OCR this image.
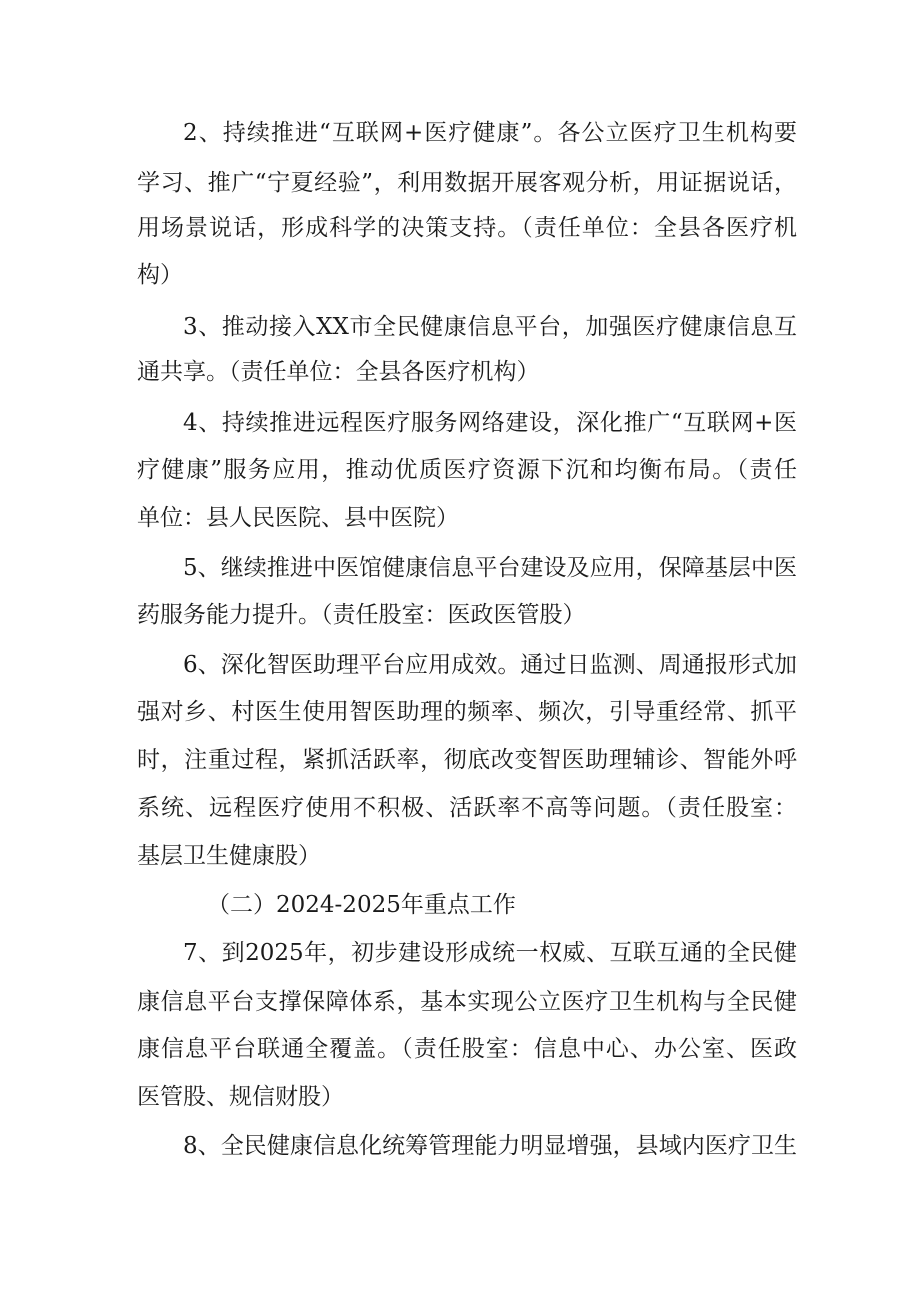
2、持续推进“互联网+医疗健康”。各公立医疗卫生机构要
学习、推广“宁夏经验”，利用数据开展客观分析，用证据说话，
用场景说话，形成科学的决策支持。（责任单位：全县各医疗机
构）
3、推动接入XX市全民健康信息平台，加强医疗健康信息互
通共享。（责任单位：全县各医疗机构）
4、持续推进远程医疗服务网络建设，深化推广“互联网+医
疗健康”服务应用，推动优质医疗资源下沉和均衡布局。（责任
单位：县人民医院、县中医院）
5、继续推进中医馆健康信息平台建设及应用，保障基层中医
药服务能力提升。（责任股室：医政医管股）
6、深化智医助理平台应用成效。通过日监测、周通报形式加
强对乡、村医生使用智医助理的频率、频次，引导重经常、抓平
时，注重过程，紧抓活跃率，彻底改变智医助理辅诊、智能外呼
系统、远程医疗使用不积极、活跃率不高等问题。（责任股室：
基层卫生健康股）
（二）2024-2025年重点工作
7、到2025年，初步建设形成统一权威、互联互通的全民健
康信息平台支撑保障体系，基本实现公立医疗卫生机构与全民健
康信息平台联通全覆盖。（责任股室：信息中心、办公室、医政
医管股、规信财股）
8、全民健康信息化统筹管理能力明显增强，县域内医疗卫生
